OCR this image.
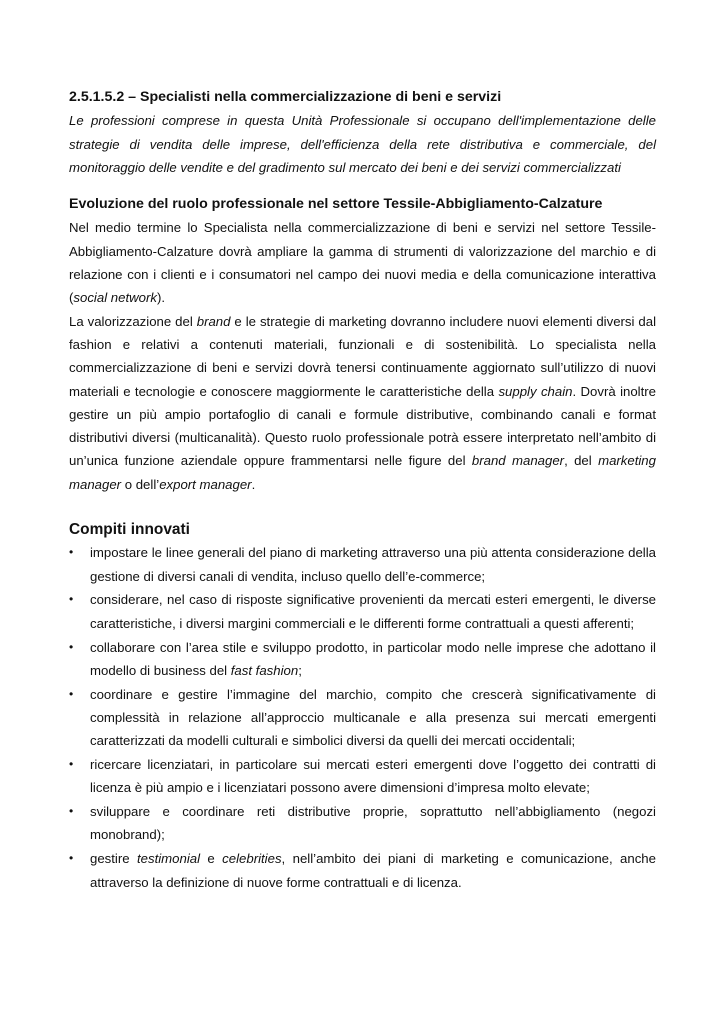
2.5.1.5.2 – Specialisti nella commercializzazione di beni e servizi

Le professioni comprese in questa Unità Professionale si occupano dell'implementazione delle strategie di vendita delle imprese, dell'efficienza della rete distributiva e commerciale, del monitoraggio delle vendite e del gradimento sul mercato dei beni e dei servizi commercializzati

Evoluzione del ruolo professionale nel settore Tessile-Abbigliamento-Calzature

Nel medio termine lo Specialista nella commercializzazione di beni e servizi nel settore Tessile-Abbigliamento-Calzature dovrà ampliare la gamma di strumenti di valorizzazione del marchio e di relazione con i clienti e i consumatori nel campo dei nuovi media e della comunicazione interattiva (social network).

La valorizzazione del brand e le strategie di marketing dovranno includere nuovi elementi diversi dal fashion e relativi a contenuti materiali, funzionali e di sostenibilità. Lo specialista nella commercializzazione di beni e servizi dovrà tenersi continuamente aggiornato sull’utilizzo di nuovi materiali e tecnologie e conoscere maggiormente le caratteristiche della supply chain. Dovrà inoltre gestire un più ampio portafoglio di canali e formule distributive, combinando canali e format distributivi diversi (multicanalità). Questo ruolo professionale potrà essere interpretato nell’ambito di un’unica funzione aziendale oppure frammentarsi nelle figure del brand manager, del marketing manager o dell’export manager.

Compiti innovati
• impostare le linee generali del piano di marketing attraverso una più attenta considerazione della gestione di diversi canali di vendita, incluso quello dell’e-commerce;
• considerare, nel caso di risposte significative provenienti da mercati esteri emergenti, le diverse caratteristiche, i diversi margini commerciali e le differenti forme contrattuali a questi afferenti;
• collaborare con l’area stile e sviluppo prodotto, in particolar modo nelle imprese che adottano il modello di business del fast fashion;
• coordinare e gestire l’immagine del marchio, compito che crescerà significativamente di complessità in relazione all’approccio multicanale e alla presenza sui mercati emergenti caratterizzati da modelli culturali e simbolici diversi da quelli dei mercati occidentali;
• ricercare licenziatari, in particolare sui mercati esteri emergenti dove l’oggetto dei contratti di licenza è più ampio e i licenziatari possono avere dimensioni d’impresa molto elevate;
• sviluppare e coordinare reti distributive proprie, soprattutto nell’abbigliamento (negozi monobrand);
• gestire testimonial e celebrities, nell’ambito dei piani di marketing e comunicazione, anche attraverso la definizione di nuove forme contrattuali e di licenza.
